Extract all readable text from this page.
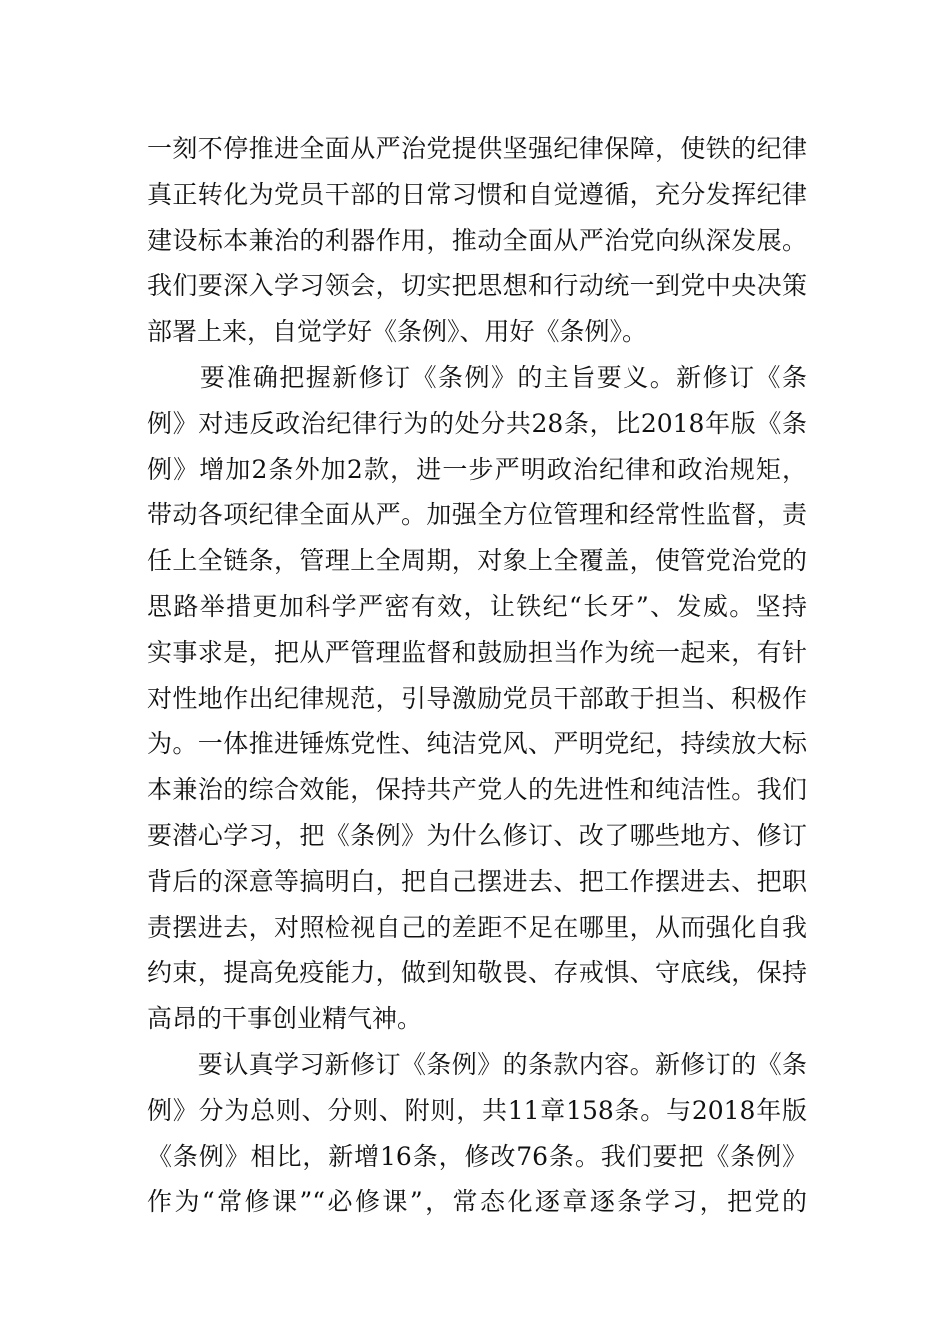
一刻不停推进全面从严治党提供坚强纪律保障，使铁的纪律
真正转化为党员干部的日常习惯和自觉遵循，充分发挥纪律
建设标本兼治的利器作用，推动全面从严治党向纵深发展。
我们要深入学习领会，切实把思想和行动统一到党中央决策
部署上来，自觉学好《条例》、用好《条例》。
　　要准确把握新修订《条例》的主旨要义。新修订《条
例》对违反政治纪律行为的处分共28条，比2018年版《条
例》增加2条外加2款，进一步严明政治纪律和政治规矩，
带动各项纪律全面从严。加强全方位管理和经常性监督，责
任上全链条，管理上全周期，对象上全覆盖，使管党治党的
思路举措更加科学严密有效，让铁纪“长牙”、发威。坚持
实事求是，把从严管理监督和鼓励担当作为统一起来，有针
对性地作出纪律规范，引导激励党员干部敢于担当、积极作
为。一体推进锤炼党性、纯洁党风、严明党纪，持续放大标
本兼治的综合效能，保持共产党人的先进性和纯洁性。我们
要潜心学习，把《条例》为什么修订、改了哪些地方、修订
背后的深意等搞明白，把自己摆进去、把工作摆进去、把职
责摆进去，对照检视自己的差距不足在哪里，从而强化自我
约束，提高免疫能力，做到知敬畏、存戒惧、守底线，保持
高昂的干事创业精气神。
　　要认真学习新修订《条例》的条款内容。新修订的《条
例》分为总则、分则、附则，共11章158条。与2018年版
《条例》相比，新增16条，修改76条。我们要把《条例》
作为“常修课”“必修课”，常态化逐章逐条学习，把党的
